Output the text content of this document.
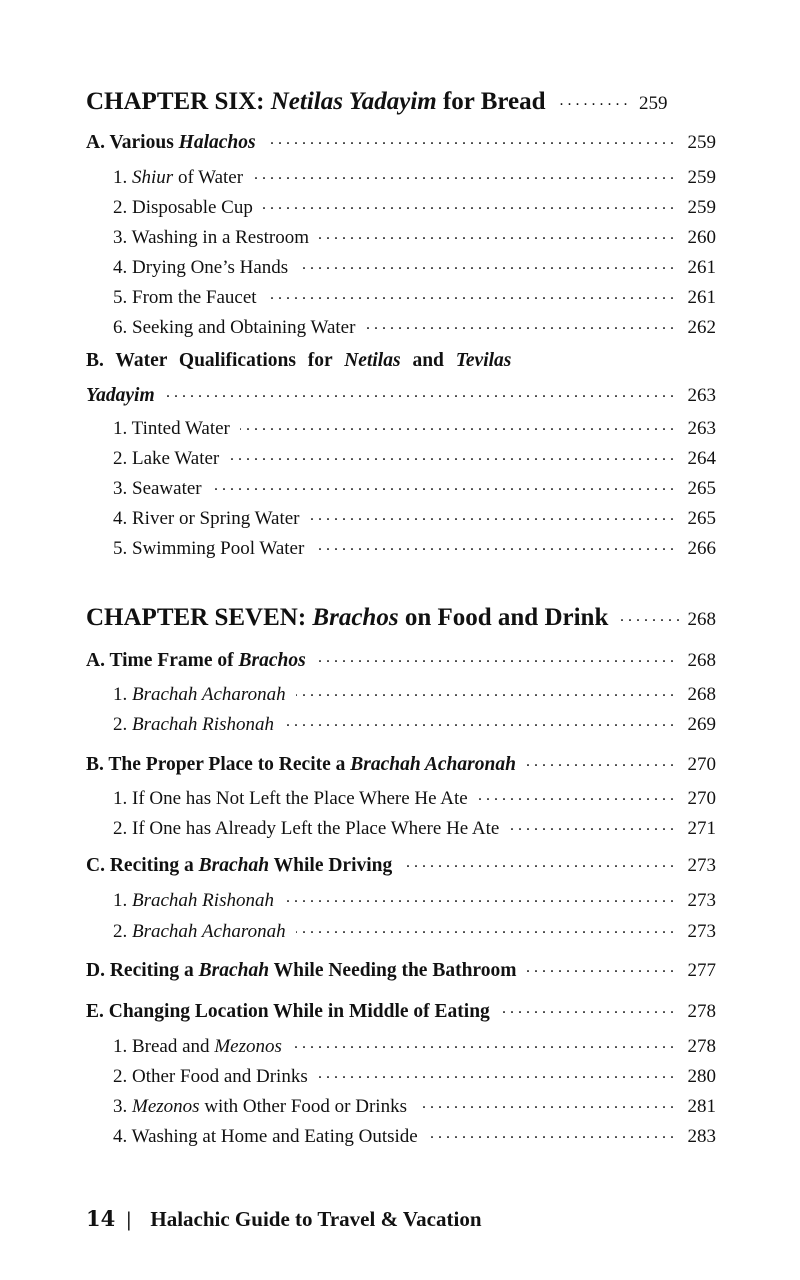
CHAPTER SIX: Netilas Yadayim for Bread . . .	259
A. Various Halachos . . .	259
1. Shiur of Water . . .	259
2. Disposable Cup . . .	259
3. Washing in a Restroom . . .	260
4. Drying One’s Hands . . .	261
5. From the Faucet . . .	261
6. Seeking and Obtaining Water . . .	262
B. Water Qualifications for Netilas and Tevilas
Yadayim . . .	263
1. Tinted Water . . .	263
2. Lake Water . . .	264
3. Seawater . . .	265
4. River or Spring Water . . .	265
5. Swimming Pool Water . . .	266
CHAPTER SEVEN: Brachos on Food and Drink . . .	268
A. Time Frame of Brachos . . .	268
1. Brachah Acharonah . . .	268
2. Brachah Rishonah . . .	269
B. The Proper Place to Recite a Brachah Acharonah . . .	270
1. If One has Not Left the Place Where He Ate . . .	270
2. If One has Already Left the Place Where He Ate . . .	271
C. Reciting a Brachah While Driving . . .	273
1. Brachah Rishonah . . .	273
2. Brachah Acharonah . . .	273
D. Reciting a Brachah While Needing the Bathroom . . .	277
E. Changing Location While in Middle of Eating . . .	278
1. Bread and Mezonos . . .	278
2. Other Food and Drinks . . .	280
3. Mezonos with Other Food or Drinks . . .	281
4. Washing at Home and Eating Outside . . .	283
14 | Halachic Guide to Travel & Vacation
